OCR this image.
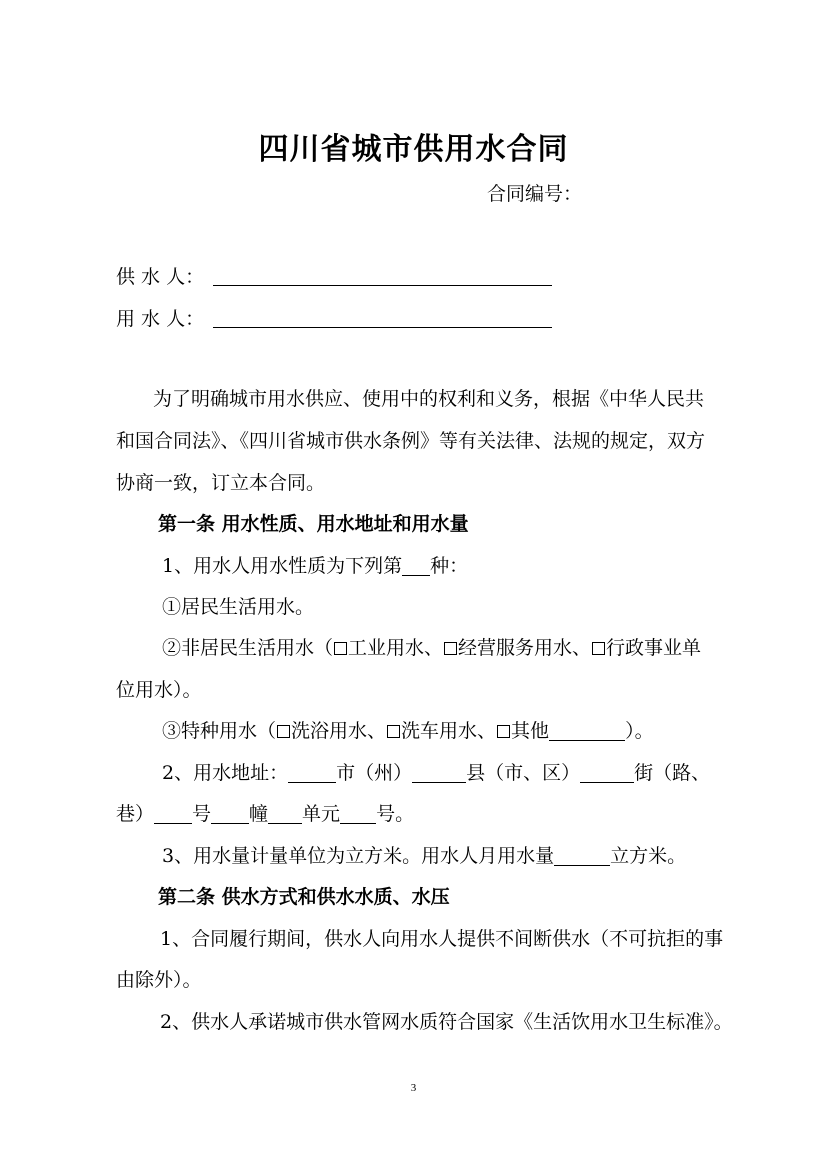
四川省城市供用水合同
合同编号：
供 水 人：
用 水 人：
为了明确城市用水供应、使用中的权利和义务，根据《中华人民共
和国合同法》、《四川省城市供水条例》等有关法律、法规的规定，双方
协商一致，订立本合同。
第一条 用水性质、用水地址和用水量
1、用水人用水性质为下列第 种：
①居民生活用水。
②非居民生活用水（ 工业用水、 经营服务用水、 行政事业单
位用水）。
③特种用水（ 洗浴用水、 洗车用水、 其他	）。
2、用水地址：	市（州）	县（市、区）	街（路、
巷） 号 幢 单元 号。
3、用水量计量单位为立方米。用水人月用水量	立方米。
第二条 供水方式和供水水质、水压
1、合同履行期间，供水人向用水人提供不间断供水（不可抗拒的事
由除外）。
2、供水人承诺城市供水管网水质符合国家《生活饮用水卫生标准》。
3
